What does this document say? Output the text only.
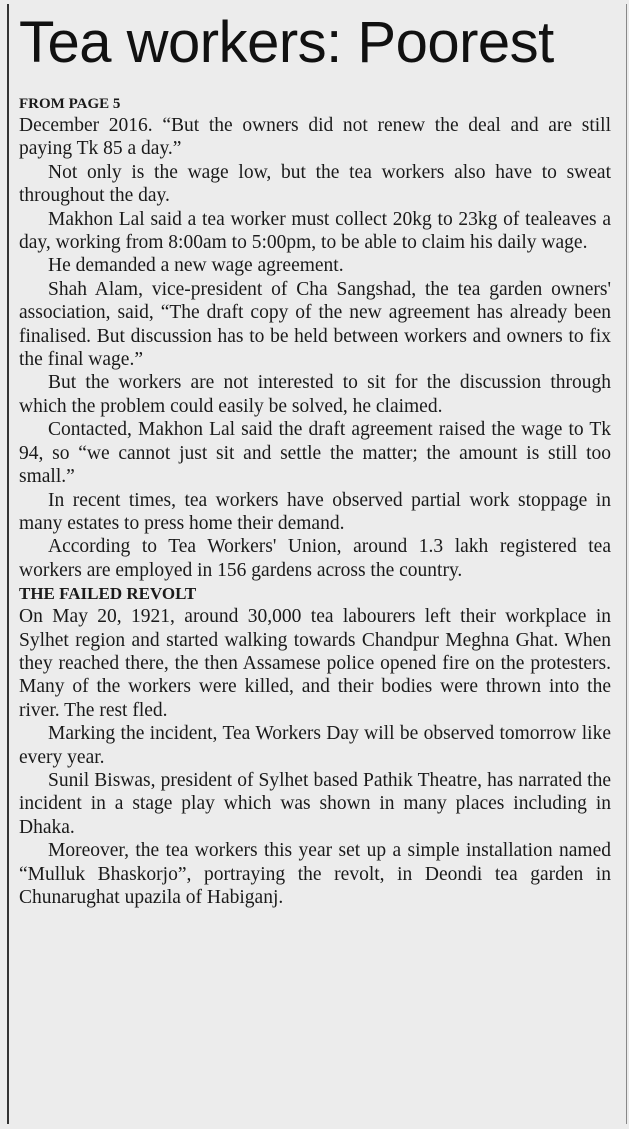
Tea workers: Poorest
FROM PAGE 5

December 2016. “But the owners did not renew the deal and are still paying Tk 85 a day.”

Not only is the wage low, but the tea workers also have to sweat throughout the day.

Makhon Lal said a tea worker must collect 20kg to 23kg of tealeaves a day, working from 8:00am to 5:00pm, to be able to claim his daily wage.

He demanded a new wage agreement.

Shah Alam, vice-president of Cha Sangshad, the tea garden owners' association, said, “The draft copy of the new agreement has already been finalised. But discussion has to be held between workers and owners to fix the final wage.”

But the workers are not interested to sit for the discussion through which the problem could easily be solved, he claimed.

Contacted, Makhon Lal said the draft agreement raised the wage to Tk 94, so “we cannot just sit and settle the matter; the amount is still too small.”

In recent times, tea workers have observed partial work stoppage in many estates to press home their demand.

According to Tea Workers' Union, around 1.3 lakh registered tea workers are employed in 156 gardens across the country.

THE FAILED REVOLT

On May 20, 1921, around 30,000 tea labourers left their workplace in Sylhet region and started walking towards Chandpur Meghna Ghat. When they reached there, the then Assamese police opened fire on the protesters. Many of the workers were killed, and their bodies were thrown into the river. The rest fled.

Marking the incident, Tea Workers Day will be observed tomorrow like every year.

Sunil Biswas, president of Sylhet based Pathik Theatre, has narrated the incident in a stage play which was shown in many places including in Dhaka.

Moreover, the tea workers this year set up a simple installation named “Mulluk Bhaskorjo”, portraying the revolt, in Deondi tea garden in Chunarughat upazila of Habiganj.
